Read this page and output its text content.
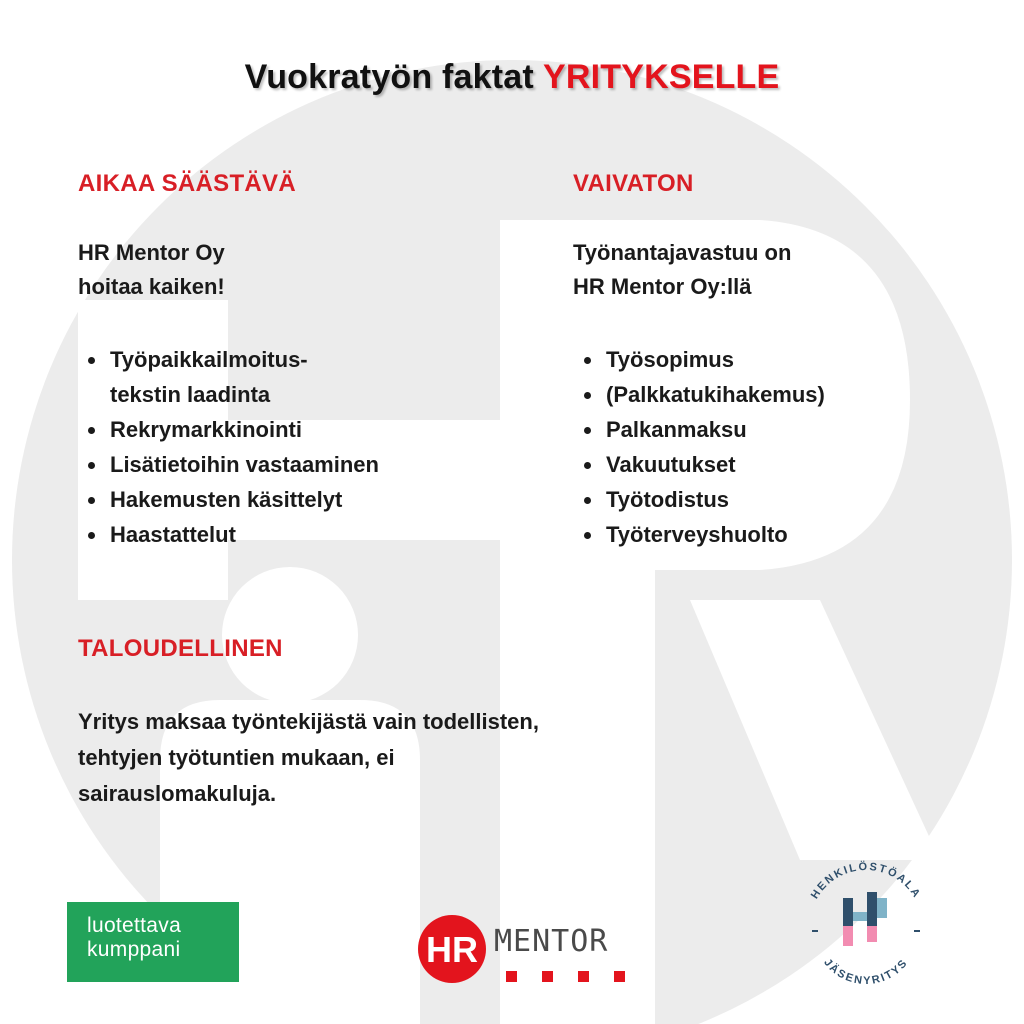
Vuokratyön faktat YRITYKSELLE
AIKAA SÄÄSTÄVÄ
HR Mentor Oy
hoitaa kaiken!
Työpaikkailmoitus-
tekstin laadinta
Rekrymarkkinointi
Lisätietoihin vastaaminen
Hakemusten käsittelyt
Haastattelut
VAIVATON
Työnantajavastuu on
HR Mentor Oy:llä
Työsopimus
(Palkkatukihakemus)
Palkanmaksu
Vakuutukset
Työtodistus
Työterveyshuolto
TALOUDELLINEN
Yritys maksaa työntekijästä vain todellisten, tehtyjen työtuntien mukaan, ei sairauslomakuluja.
luotettava
kumppani	HR MENTOR
HENKILÖSTÖALA
JÄSENYRITYS
